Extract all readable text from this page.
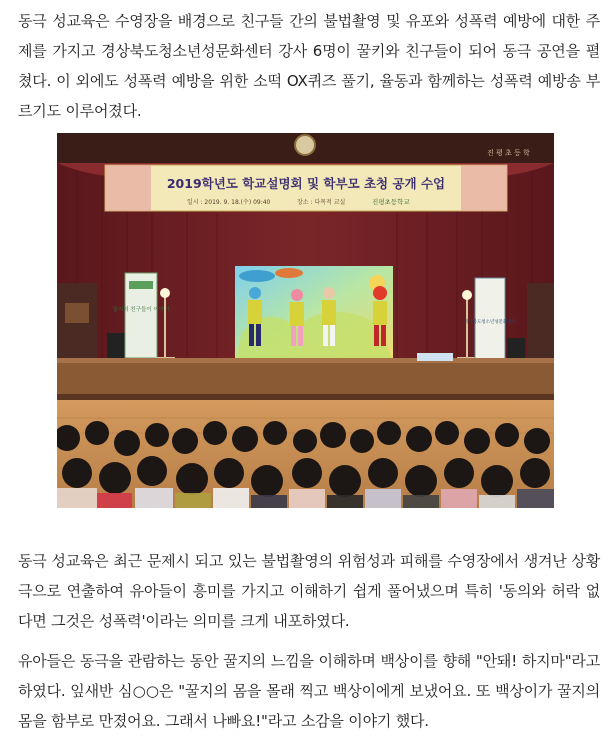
동극 성교육은 수영장을 배경으로 친구들 간의 불법촬영 및 유포와 성폭력 예방에 대한 주제를 가지고 경상북도청소년성문화센터 강사 6명이 꿀키와 친구들이 되어 동극 공연을 펼쳤다. 이 외에도 성폭력 예방을 위한 소떡 OX퀴즈 풀기, 율동과 함께하는 성폭력 예방송 부르기도 이루어졌다.

진 평 초 등 학
2019학년도 학교설명회 및 학부모 초청 공개 수업
일시 : 2019. 9. 18.(수) 09:40	장소 : 다목적 교실	진평초등학교
꿀지의 친구들이 이야기
경상북도청소년성문화센터

동극 성교육은 최근 문제시 되고 있는 불법촬영의 위험성과 피해를 수영장에서 생겨난 상황극으로 연출하여 유아들이 흥미를 가지고 이해하기 쉽게 풀어냈으며 특히 '동의와 허락 없다면 그것은 성폭력'이라는 의미를 크게 내포하였다.

유아들은 동극을 관람하는 동안 꿀지의 느낌을 이해하며 백상이를 향해 "안돼! 하지마"라고 하였다. 잎새반 심○○은 "꿀지의 몸을 몰래 찍고 백상이에게 보냈어요. 또 백상이가 꿀지의 몸을 함부로 만졌어요. 그래서 나빠요!"라고 소감을 이야기 했다.
